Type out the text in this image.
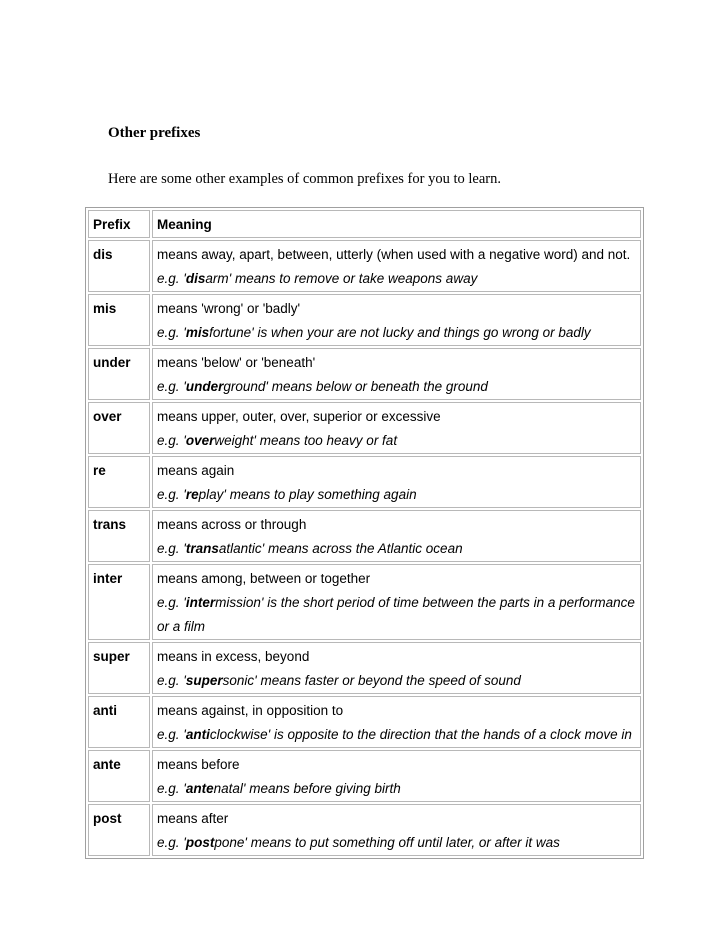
Other prefixes

Here are some other examples of common prefixes for you to learn.

Prefix	Meaning
dis	means away, apart, between, utterly (when used with a negative word) and not.
e.g. 'disarm' means to remove or take weapons away

mis	means 'wrong' or 'badly'
e.g. 'misfortune' is when your are not lucky and things go wrong or badly

under	means 'below' or 'beneath'
e.g. 'underground' means below or beneath the ground

over	means upper, outer, over, superior or excessive
e.g. 'overweight' means too heavy or fat

re	means again
e.g. 'replay' means to play something again

trans	means across or through
e.g. 'transatlantic' means across the Atlantic ocean

inter	means among, between or together
e.g. 'intermission' is the short period of time between the parts in a performance or a film

super	means in excess, beyond
e.g. 'supersonic' means faster or beyond the speed of sound

anti	means against, in opposition to
e.g. 'anticlockwise' is opposite to the direction that the hands of a clock move in

ante	means before
e.g. 'antenatal' means before giving birth

post	means after
e.g. 'postpone' means to put something off until later, or after it was
